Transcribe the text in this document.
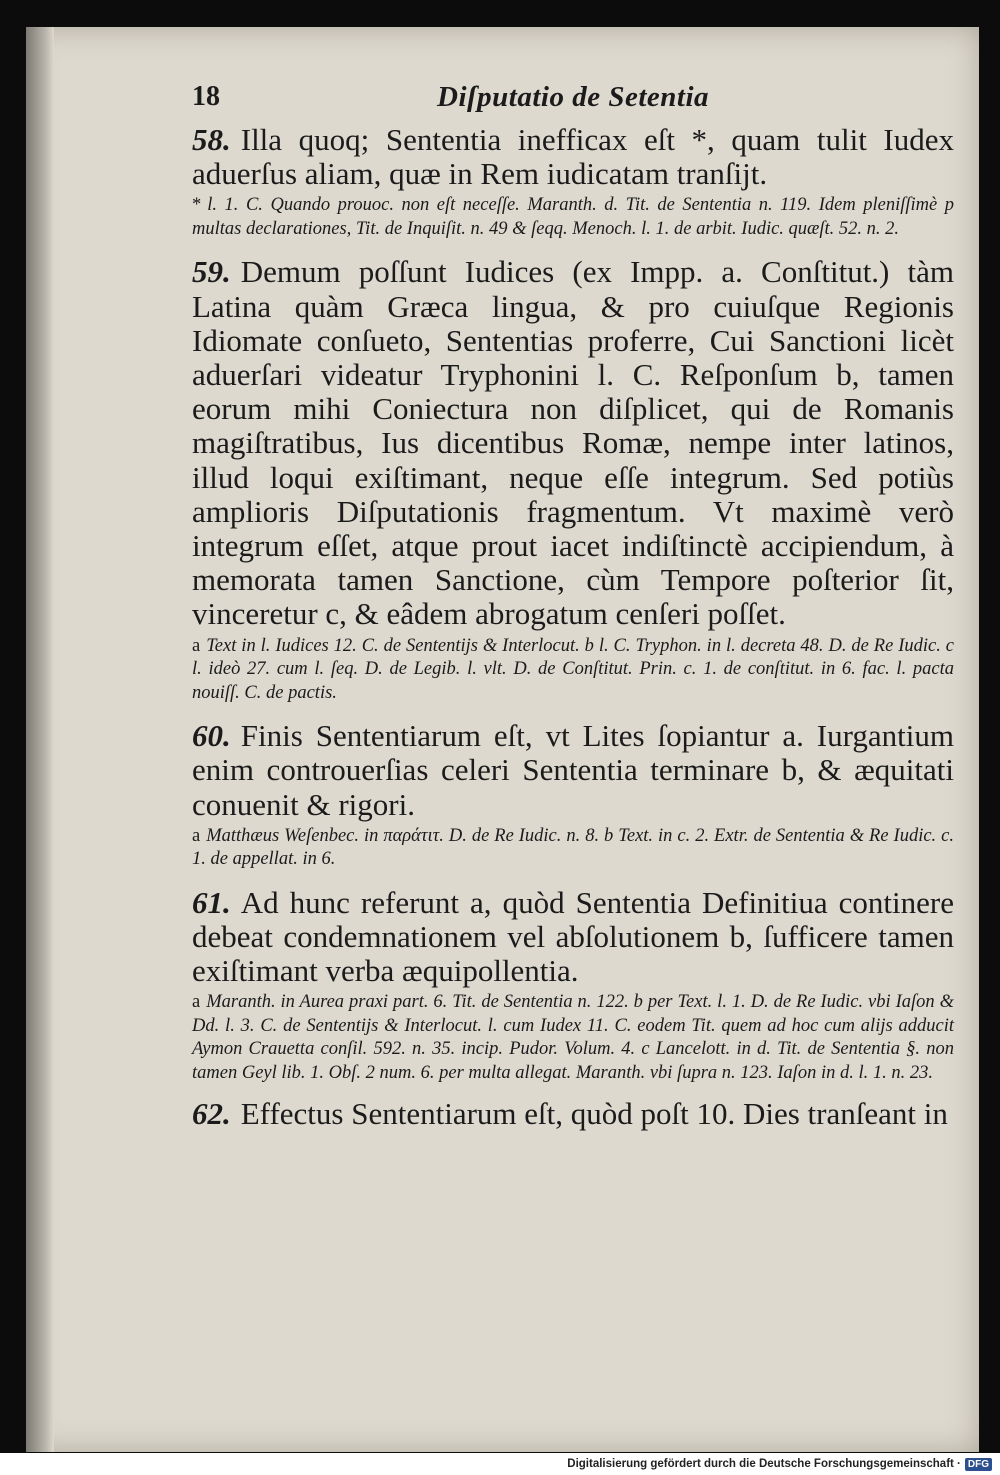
18	Diſputatio de Setentia

58. Illa quoq; Sententia inefficax eſt *, quam tulit Iudex aduerſus aliam, quæ in Rem iudicatam tranſijt.

* l. 1. C. Quando prouoc. non eſt neceſſe. Maranth. d. Tit. de Sententia n. 119. Idem pleniſſimè p multas declarationes, Tit. de Inquiſit. n. 49 & ſeqq. Menoch. l. 1. de arbit. Iudic. quæſt. 52. n. 2.

59. Demum poſſunt Iudices (ex Impp. a. Conſtitut.) tàm Latina quàm Græca lingua, & pro cuiuſque Regionis Idiomate conſueto, Sententias proferre, Cui Sanctioni licèt aduerſari videatur Tryphonini l. C. Reſponſum b, tamen eorum mihi Coniectura non diſplicet, qui de Romanis magiſtratibus, Ius dicentibus Romæ, nempe inter latinos, illud loqui exiſtimant, neque eſſe integrum. Sed potiùs amplioris Diſputationis fragmentum. Vt maximè verò integrum eſſet, atque prout iacet indiſtinctè accipiendum, à memorata tamen Sanctione, cùm Tempore poſterior ſit, vinceretur c, & eâdem abrogatum cenſeri poſſet.

a Text in l. Iudices 12. C. de Sententijs & Interlocut. b l. C. Tryphon. in l. decreta 48. D. de Re Iudic. c l. ideò 27. cum l. ſeq. D. de Legib. l. vlt. D. de Conſtitut. Prin. c. 1. de conſtitut. in 6. fac. l. pacta nouiſſ. C. de pactis.

60. Finis Sententiarum eſt, vt Lites ſopiantur a. Iurgantium enim controuerſias celeri Sententia terminare b, & æquitati conuenit & rigori.

a Matthæus Weſenbec. in παράτιτ. D. de Re Iudic. n. 8. b Text. in c. 2. Extr. de Sententia & Re Iudic. c. 1. de appellat. in 6.

61. Ad hunc referunt a, quòd Sententia Definitiua continere debeat condemnationem vel abſolutionem b, ſufficere tamen exiſtimant verba æquipollentia.

a Maranth. in Aurea praxi part. 6. Tit. de Sententia n. 122. b per Text. l. 1. D. de Re Iudic. vbi Iaſon & Dd. l. 3. C. de Sententijs & Interlocut. l. cum Iudex 11. C. eodem Tit. quem ad hoc cum alijs adducit Aymon Crauetta conſil. 592. n. 35. incip. Pudor. Volum. 4. c Lancelott. in d. Tit. de Sententia §. non tamen Geyl lib. 1. Obſ. 2 num. 6. per multa allegat. Maranth. vbi ſupra n. 123. Iaſon in d. l. 1. n. 23.

62. Effectus Sententiarum eſt, quòd poſt 10. Dies tranſeant in

Digitalisierung gefördert durch die Deutsche Forschungsgemeinschaft · DFG
